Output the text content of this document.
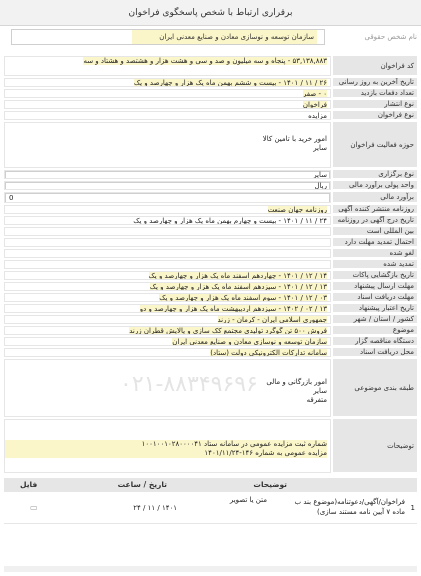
برقراری ارتباط با شخص پاسخگوی فراخوان
نام شخص حقوقی
سازمان توسعه و نوسازی معادن و صنایع معدنی ایران
کد فراخوان
۵۳,۱۳۸,۸۸۳ - پنجاه و سه میلیون و صد و سی و هشت هزار و هشتصد و هشتاد و سه
تاریخ آخرین به روز رسانی
۲۶ / ۱۱ / ۱۴۰۱ - بیست و ششم بهمن ماه یک هزار و چهارصد و یک
تعداد دفعات بازدید
۰ - صفر
نوع انتشار
فراخوان
نوع فراخوان
مزایده
حوزه فعالیت فراخوان
امور خرید با تامین کالا
سایر
نوع برگزاری
سایر
واحد پولی برآورد مالی
ریال
برآورد مالی
0
روزنامه منتشر کننده آگهی
روزنامه جهان صنعت
تاریخ درج آگهی در روزنامه
۲۴ / ۱۱ / ۱۴۰۱ - بیست و چهارم بهمن ماه یک هزار و چهارصد و یک
بین المللی است
احتمال تمدید مهلت دارد
لغو شده
تمدید شده
تاریخ بازگشایی پاکات
۱۴ / ۱۲ / ۱۴۰۱ - چهاردهم اسفند ماه یک هزار و چهارصد و یک
مهلت ارسال پیشنهاد
۱۳ / ۱۲ / ۱۴۰۱ - سیزدهم اسفند ماه یک هزار و چهارصد و یک
مهلت دریافت اسناد
۰۳ / ۱۲ / ۱۴۰۱ - سوم اسفند ماه یک هزار و چهارصد و یک
تاریخ اعتبار پیشنهاد
۱۳ / ۰۲ / ۱۴۰۲ - سیزدهم اردیبهشت ماه یک هزار و چهارصد و دو
کشور / استان / شهر
جمهوری اسلامی ایران - کرمان - زرند
موضوع
فروش ۵۰۰ تن گوگرد تولیدی مجتمع کک سازی و پالایش قطران زرند
دستگاه مناقصه گزار
سازمان توسعه و نوسازی معادن و صنایع معدنی ایران
محل دریافت اسناد
سامانه تدارکات الکترونیکی دولت (ستاد)
طبقه بندی موضوعی
امور بازرگانی و مالی
سایر
متفرقه
توضیحات
شماره ثبت مزایده عمومی در سامانه ستاد ۱۰۰۱۰۰۱۰۲۸۰۰۰۰۴۱
مزایده عمومی به شماره ۱۴۶-۱۴۰۱/۱۱/۲۴
۰۲۱-۸۸۳۴۹۶۹۶
تاریخ / ساعت	توضیحات
فایل
1
فراخوان/آگهی/دعوتنامه(موضوع بند ب ماده ۷ آیین نامه مستند سازی)
متن یا تصویر
۱۴۰۱ / ۱۱ / ۲۴
▭
